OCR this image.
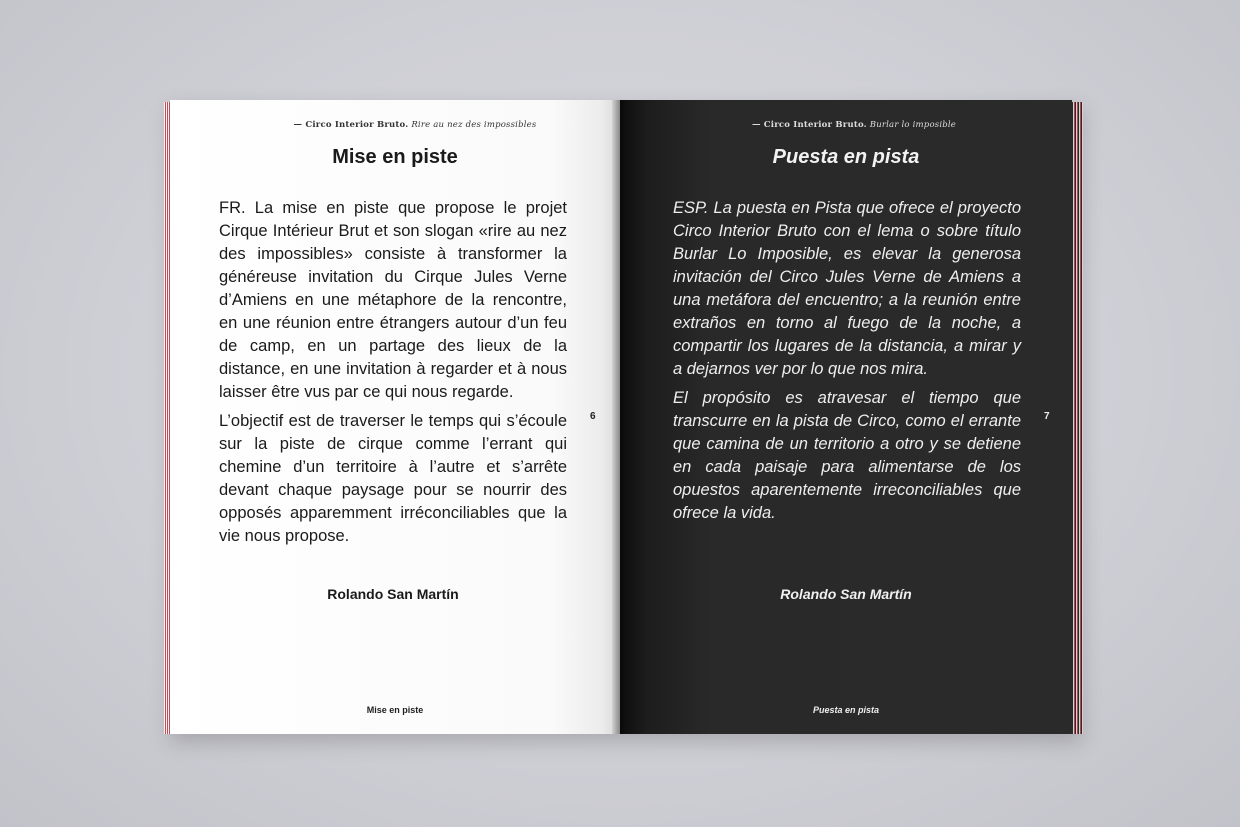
— Circo Interior Bruto. Rire au nez des impossibles
Mise en piste

FR. La mise en piste que propose le projet Cirque Intérieur Brut et son slogan «rire au nez des impossibles» consiste à transformer la généreuse invitation du Cirque Jules Verne d’Amiens en une métaphore de la rencontre, en une réunion entre étrangers autour d’un feu de camp, en un partage des lieux de la distance, en une invitation à regarder et à nous laisser être vus par ce qui nous regarde.

L’objectif est de traverser le temps qui s’écoule sur la piste de cirque comme l’errant qui chemine d’un territoire à l’autre et s’arrête devant chaque paysage pour se nourrir des opposés apparemment irréconciliables que la vie nous propose.

6
Rolando San Martín
Mise en piste
— Circo Interior Bruto. Burlar lo imposible
Puesta en pista

ESP. La puesta en Pista que ofrece el proyecto Circo Interior Bruto con el lema o sobre título Burlar Lo Imposible, es elevar la generosa invitación del Circo Jules Verne de Amiens a una metáfora del encuentro; a la reunión entre extraños en torno al fuego de la noche, a compartir los lugares de la distancia, a mirar y a dejarnos ver por lo que nos mira.

El propósito es atravesar el tiempo que transcurre en la pista de Circo, como el errante que camina de un territorio a otro y se detiene en cada paisaje para alimentarse de los opuestos aparentemente irreconciliables que ofrece la vida.

7
Rolando San Martín
Puesta en pista
